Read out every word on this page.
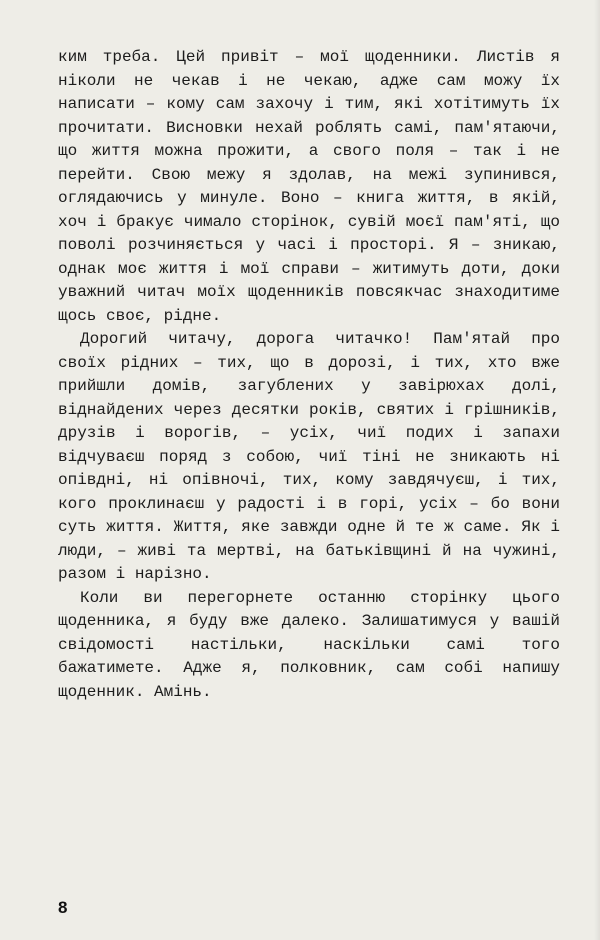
ким треба. Цей привіт – мої щоденники. Листів я ніколи не чекав і не чекаю, адже сам можу їх написати – кому сам захочу і тим, які хотітимуть їх прочитати. Висновки нехай роблять самі, пам'ятаючи, що життя можна прожити, а свого поля – так і не перейти. Свою межу я здолав, на межі зупинився, оглядаючись у минуле. Воно – книга життя, в якій, хоч і бракує чимало сторінок, сувій моєї пам'яті, що поволі розчиняється у часі і просторі. Я – зникаю, однак моє життя і мої справи – житимуть доти, доки уважний читач моїх щоденників повсякчас знаходитиме щось своє, рідне.

Дорогий читачу, дорога читачко! Пам'ятай про своїх рідних – тих, що в дорозі, і тих, хто вже прийшли домів, загублених у завірюхах долі, віднайдених через десятки років, святих і грішників, друзів і ворогів, – усіх, чиї подих і запахи відчуваєш поряд з собою, чиї тіні не зникають ні опівдні, ні опівночі, тих, кому завдячуєш, і тих, кого проклинаєш у радості і в горі, усіх – бо вони суть життя. Життя, яке завжди одне й те ж саме. Як і люди, – живі та мертві, на батьківщині й на чужині, разом і нарізно.

Коли ви перегорнете останню сторінку цього щоденника, я буду вже далеко. Залишатимуся у вашій свідомості настільки, наскільки самі того бажатимете. Адже я, полковник, сам собі напишу щоденник. Амінь.

8
